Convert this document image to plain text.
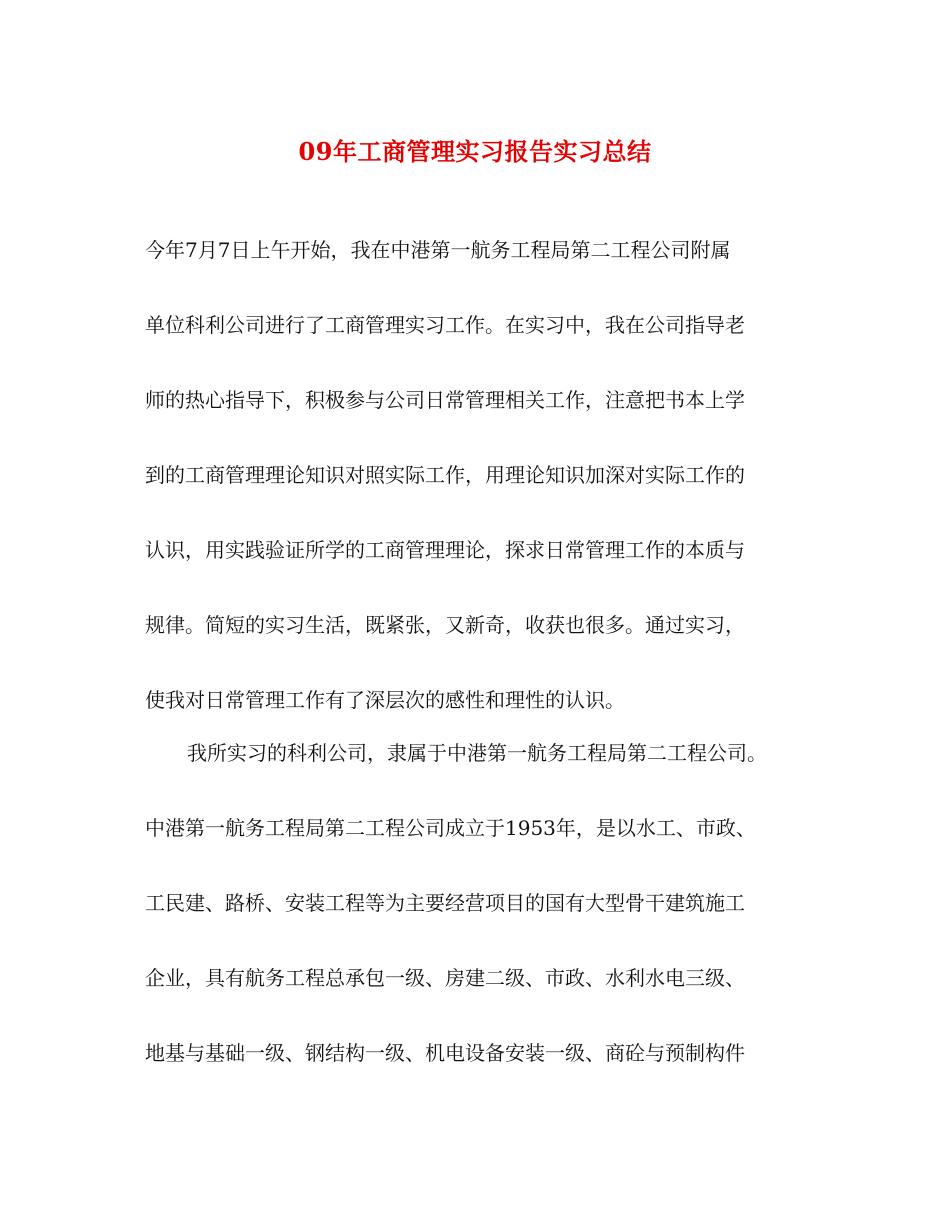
09年工商管理实习报告实习总结
今年7月7日上午开始，我在中港第一航务工程局第二工程公司附属
单位科利公司进行了工商管理实习工作。在实习中，我在公司指导老
师的热心指导下，积极参与公司日常管理相关工作，注意把书本上学
到的工商管理理论知识对照实际工作，用理论知识加深对实际工作的
认识，用实践验证所学的工商管理理论，探求日常管理工作的本质与
规律。简短的实习生活，既紧张，又新奇，收获也很多。通过实习，
使我对日常管理工作有了深层次的感性和理性的认识。
我所实习的科利公司，隶属于中港第一航务工程局第二工程公司。
中港第一航务工程局第二工程公司成立于1953年，是以水工、市政、
工民建、路桥、安装工程等为主要经营项目的国有大型骨干建筑施工
企业，具有航务工程总承包一级、房建二级、市政、水利水电三级、
地基与基础一级、钢结构一级、机电设备安装一级、商砼与预制构件
